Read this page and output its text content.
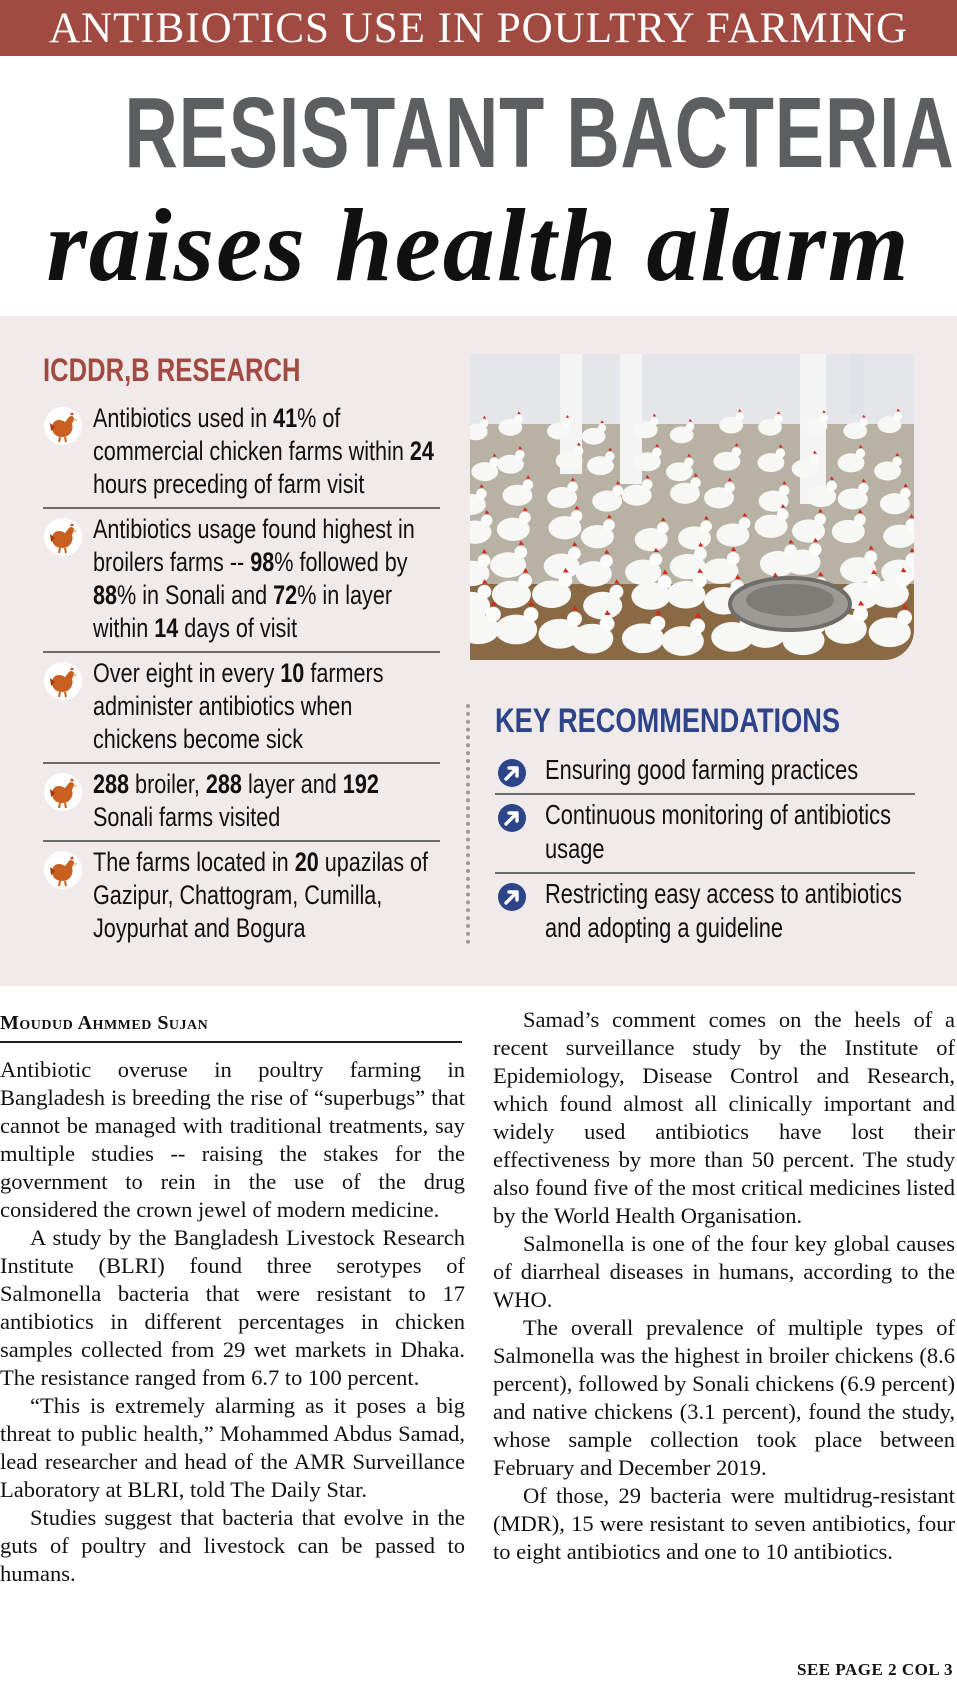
ANTIBIOTICS USE IN POULTRY FARMING
RESISTANT BACTERIA
raises health alarm
ICDDR,B RESEARCH
Antibiotics used in 41% of commercial chicken farms within 24 hours preceding of farm visit
Antibiotics usage found highest in broilers farms -- 98% followed by 88% in Sonali and 72% in layer within 14 days of visit
Over eight in every 10 farmers administer antibiotics when chickens become sick
288 broiler, 288 layer and 192 Sonali farms visited
The farms located in 20 upazilas of Gazipur, Chattogram, Cumilla, Joypurhat and Bogura
KEY RECOMMENDATIONS
Ensuring good farming practices
Continuous monitoring of antibiotics usage
Restricting easy access to antibiotics and adopting a guideline
Moudud Ahmmed Sujan

Antibiotic overuse in poultry farming in Bangladesh is breeding the rise of “superbugs” that cannot be managed with traditional treatments, say multiple studies -- raising the stakes for the government to rein in the use of the drug considered the crown jewel of modern medicine.

A study by the Bangladesh Livestock Research Institute (BLRI) found three serotypes of Salmonella bacteria that were resistant to 17 antibiotics in different percentages in chicken samples collected from 29 wet markets in Dhaka. The resistance ranged from 6.7 to 100 percent.

“This is extremely alarming as it poses a big threat to public health,” Mohammed Abdus Samad, lead researcher and head of the AMR Surveillance Laboratory at BLRI, told The Daily Star.

Studies suggest that bacteria that evolve in the guts of poultry and livestock can be passed to humans.

Samad’s comment comes on the heels of a recent surveillance study by the Institute of Epidemiology, Disease Control and Research, which found almost all clinically important and widely used antibiotics have lost their effectiveness by more than 50 percent. The study also found five of the most critical medicines listed by the World Health Organisation.

Salmonella is one of the four key global causes of diarrheal diseases in humans, according to the WHO.

The overall prevalence of multiple types of Salmonella was the highest in broiler chickens (8.6 percent), followed by Sonali chickens (6.9 percent) and native chickens (3.1 percent), found the study, whose sample collection took place between February and December 2019.

Of those, 29 bacteria were multidrug-resistant (MDR), 15 were resistant to seven antibiotics, four to eight antibiotics and one to 10 antibiotics.

SEE PAGE 2 COL 3
